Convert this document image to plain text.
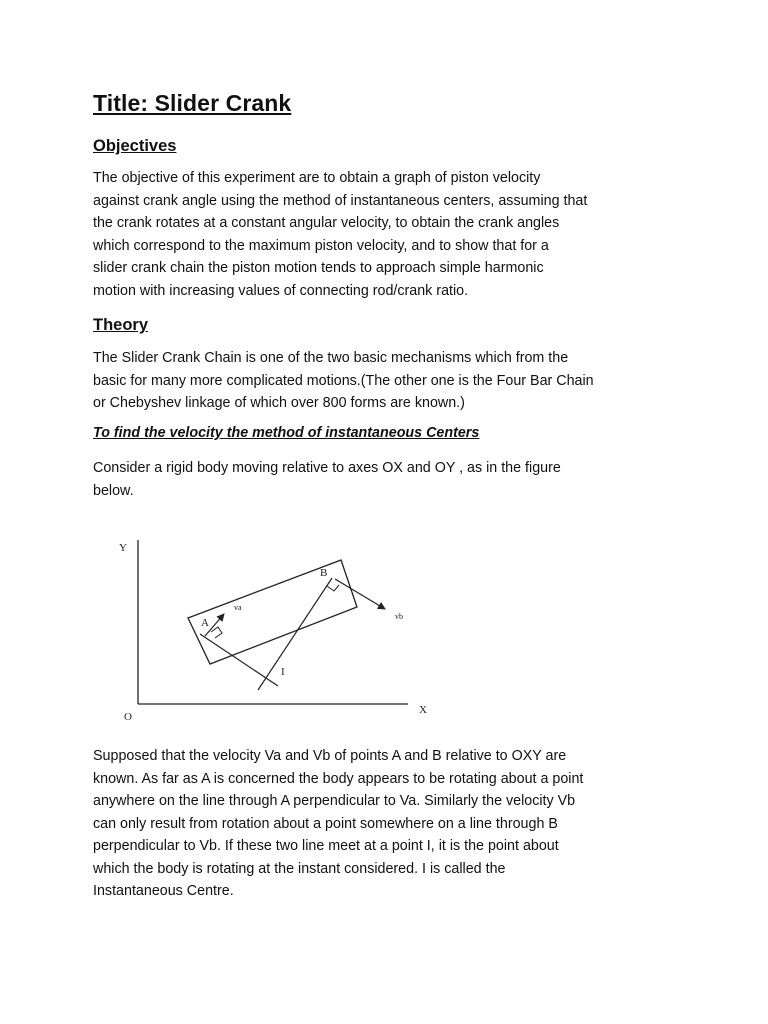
Title: Slider Crank
Objectives

The objective of this experiment are to obtain a graph of piston velocity
against crank angle using the method of instantaneous centers, assuming that
the crank rotates at a constant angular velocity, to obtain the crank angles
which correspond to the maximum piston velocity, and to show that for a
slider crank chain the piston motion tends to approach simple harmonic
motion with increasing values of connecting rod/crank ratio.

Theory

The Slider Crank Chain is one of the two basic mechanisms which from the
basic for many more complicated motions.(The other one is the Four Bar Chain
or Chebyshev linkage of which over 800 forms are known.)

To find the velocity the method of instantaneous Centers

Consider a rigid body moving relative to axes OX and OY , as in the figure
below.

Y
X
O
A
B
va
vb
I

Supposed that the velocity Va and Vb of points A and B relative to OXY are
known. As far as A is concerned the body appears to be rotating about a point
anywhere on the line through A perpendicular to Va. Similarly the velocity Vb
can only result from rotation about a point somewhere on a line through B
perpendicular to Vb. If these two line meet at a point I, it is the point about
which the body is rotating at the instant considered. I is called the
Instantaneous Centre.
